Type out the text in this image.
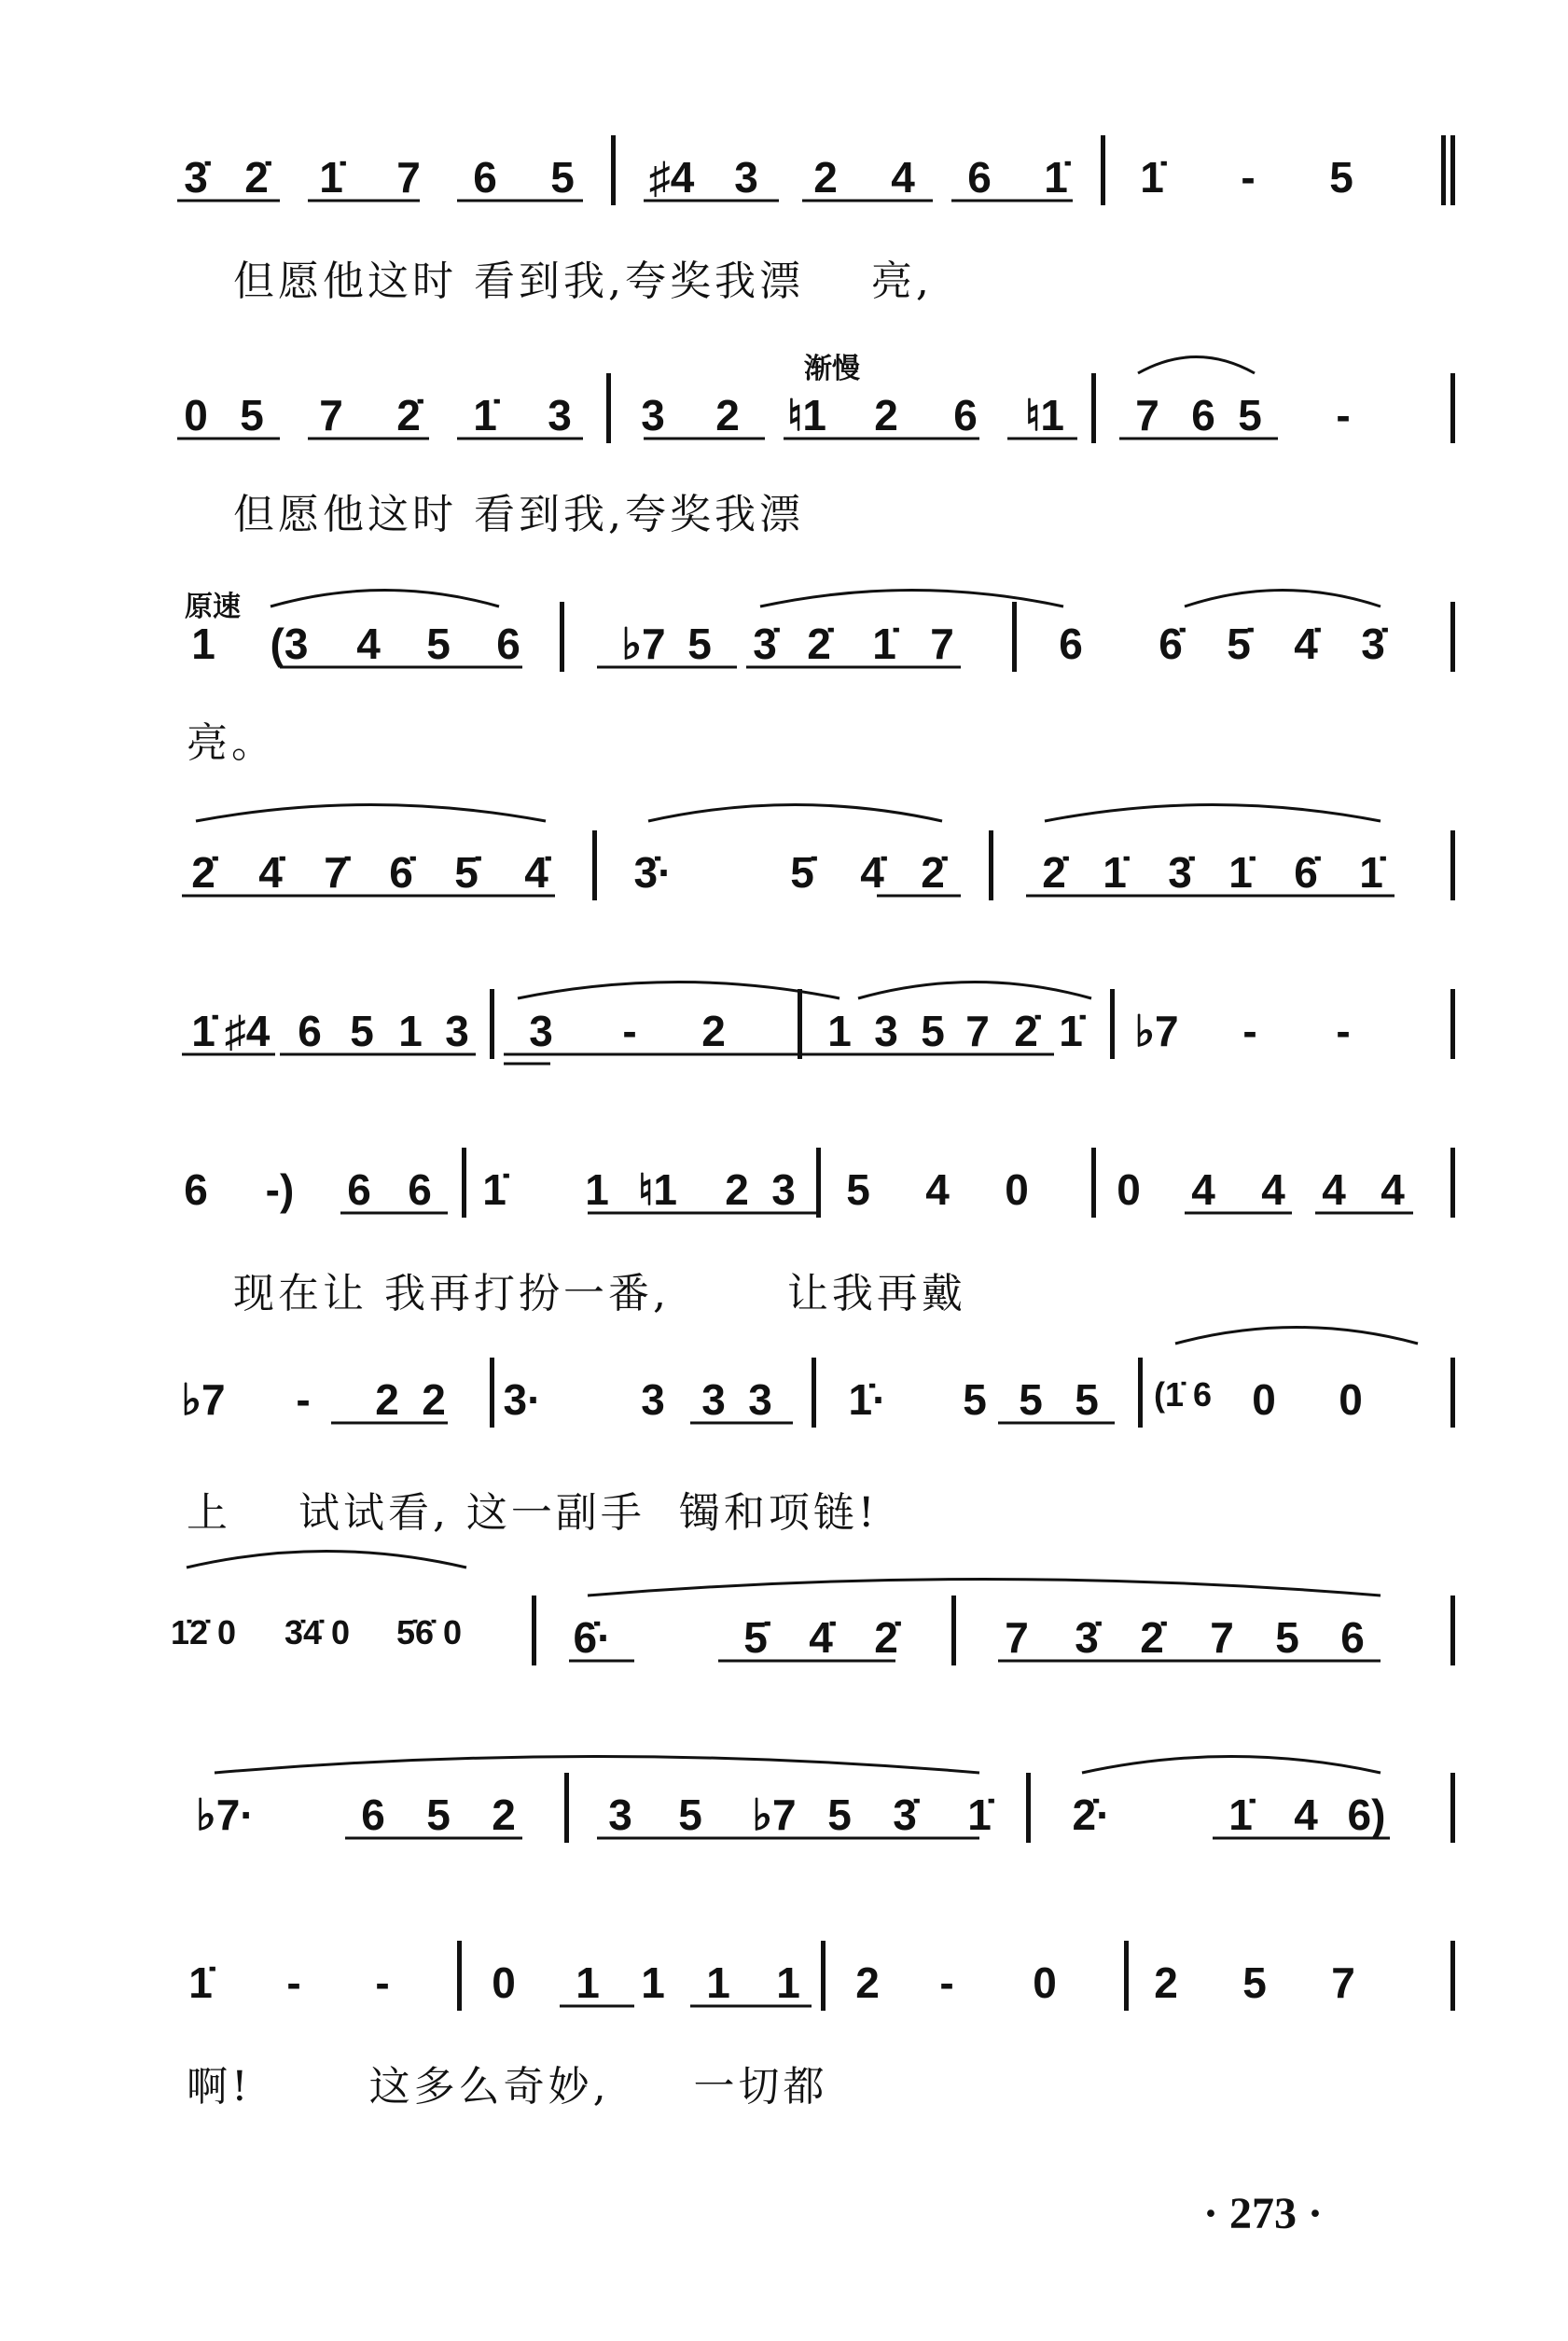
3̇ 2̇	1̇	7	6	5	♯4 3	2	4	6	1̇	1̇	-	5
但愿他这时 看到我,夸奖我漂    亮,
渐慢
0 5	7	2̇	1̇	3	3	2	♮1	2	6	♮1	7 6 5	-
但愿他这时 看到我,夸奖我漂
原速
1	(3	4	5	6	♭7 5 3̇ 2̇ 1̇ 7	6	6̇	5̇	4̇	3̇
亮。
2̇	4̇ 7̇ 6̇ 5̇	4̇	3̇·	5̇	4̇ 2̇	2̇ 1̇ 3̇ 1̇ 6̇ 1̇
1̇ ♯4 6 5 1 3	3	-	2	1 3 5 7 2̇ 1̇	♭7	-	-
6	-)	6 6	1̇	1 ♮1	2 3	5	4	0	0	4	4 4 4
现在让 我再打扮一番,       让我再戴
♭7	-	2 2	3·	3 3 3	1̇·	5 5 5	(1̇ 6 0	0
上    试试看, 这一副手  镯和项链!
1̇2̇ 0	3̇4̇ 0	5̇6̇ 0	6̇·	5̇ 4̇ 2̇	7	3̇ 2̇	7 5 6
♭7·	6 5 2	3	5	♭7 5 3̇	1̇	2̇·	1̇ 4 6)
1̇	-	-	0	1 1 1	1	2	-	0	2	5	7
啊!       这多么奇妙,     一切都
· 273 ·
